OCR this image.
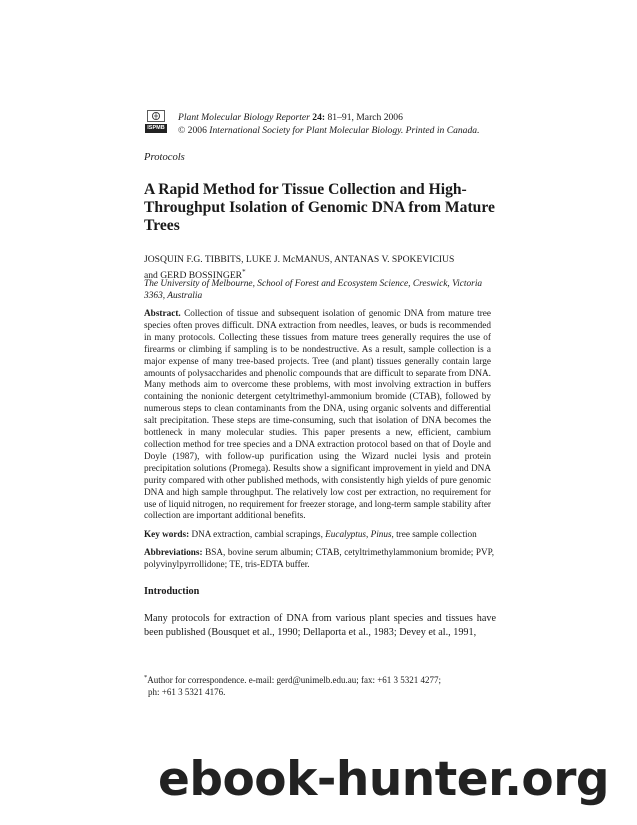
ISPMB
Plant Molecular Biology Reporter 24: 81–91, March 2006
© 2006 International Society for Plant Molecular Biology. Printed in Canada.
Protocols
A Rapid Method for Tissue Collection and High-Throughput Isolation of Genomic DNA from Mature Trees
JOSQUIN F.G. TIBBITS, LUKE J. McMANUS, ANTANAS V. SPOKEVICIUS
and GERD BOSSINGER*
The University of Melbourne, School of Forest and Ecosystem Science, Creswick, Victoria 3363, Australia
Abstract. Collection of tissue and subsequent isolation of genomic DNA from mature tree species often proves difficult. DNA extraction from needles, leaves, or buds is recommended in many protocols. Collecting these tissues from mature trees generally requires the use of firearms or climbing if sampling is to be nondestructive. As a result, sample collection is a major expense of many tree-based projects. Tree (and plant) tissues generally contain large amounts of polysaccharides and phenolic compounds that are difficult to separate from DNA. Many methods aim to overcome these problems, with most involving extraction in buffers containing the nonionic detergent cetyltrimethyl-ammonium bromide (CTAB), followed by numerous steps to clean contaminants from the DNA, using organic solvents and differential salt precipitation. These steps are time-consuming, such that isolation of DNA becomes the bottleneck in many molecular studies. This paper presents a new, efficient, cambium collection method for tree species and a DNA extraction protocol based on that of Doyle and Doyle (1987), with follow-up purification using the Wizard nuclei lysis and protein precipitation solutions (Promega). Results show a significant improvement in yield and DNA purity compared with other published methods, with consistently high yields of pure genomic DNA and high sample throughput. The relatively low cost per extraction, no requirement for use of liquid nitrogen, no requirement for freezer storage, and long-term sample stability after collection are important additional benefits.
Key words: DNA extraction, cambial scrapings, Eucalyptus, Pinus, tree sample collection
Abbreviations: BSA, bovine serum albumin; CTAB, cetyltrimethylammonium bromide; PVP, polyvinylpyrrollidone; TE, tris-EDTA buffer.
Introduction
Many protocols for extraction of DNA from various plant species and tissues have been published (Bousquet et al., 1990; Dellaporta et al., 1983; Devey et al., 1991,
*Author for correspondence. e-mail: gerd@unimelb.edu.au; fax: +61 3 5321 4277;
ph: +61 3 5321 4176.
ebook-hunter.org
